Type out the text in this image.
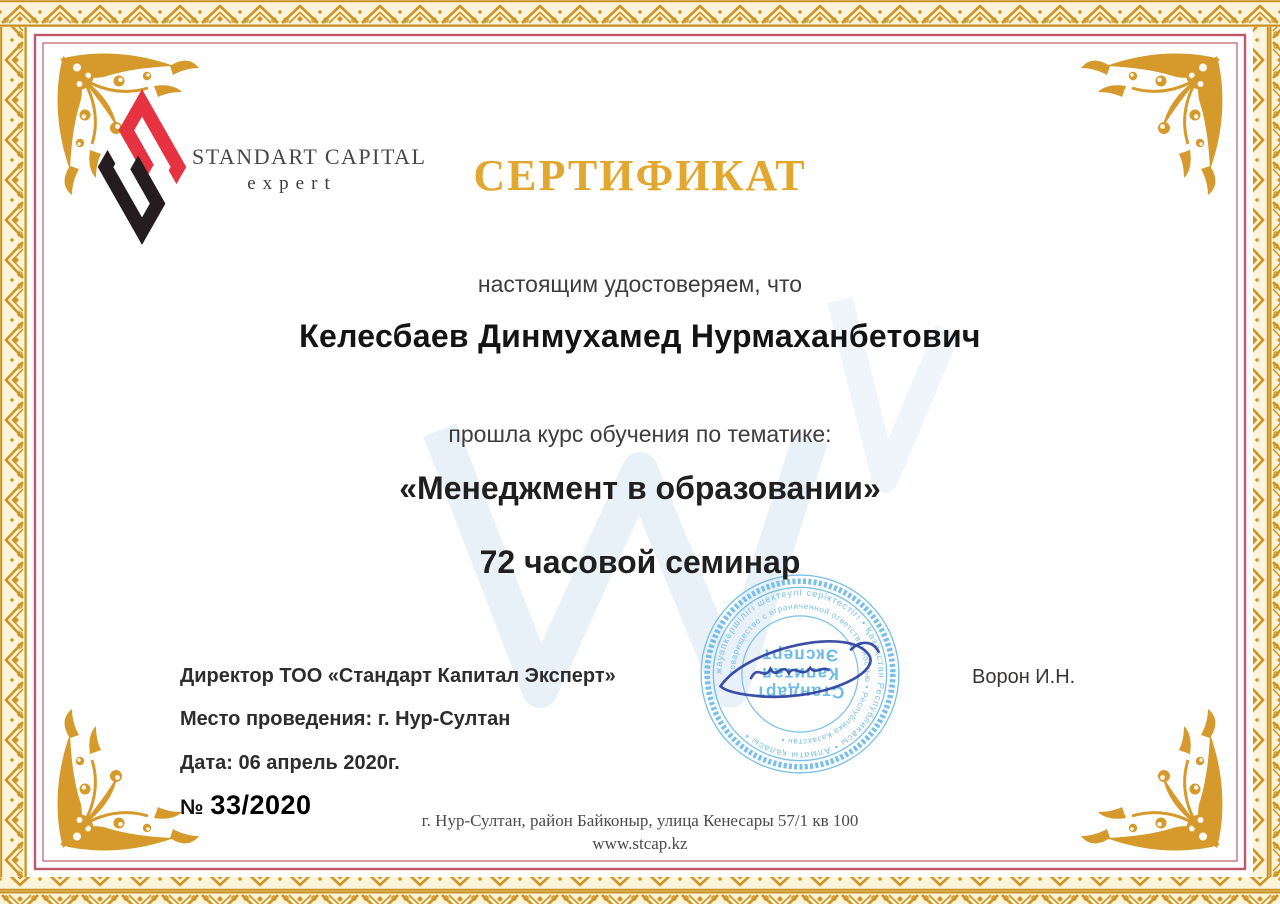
STANDART CAPITAL
expert	СЕРТИФИКАТ
настоящим удостоверяем, что
Келесбаев Динмухамед Нурмаханбетович
прошла курс обучения по тематике:
«Менеджмент в образовании»
72 часовой семинар
Директор ТОО «Стандарт Капитал Эксперт»
Место проведения: г. Нур-Султан
Дата: 06 апрель 2020г.
№ 33/2020
Ворон И.Н.
жауапкершілігі шектеулі серіктестігі • Қазақстан Республикасы • Алматы қаласы •
товарищество с ограниченной ответственностью • Республика Казахстан •
Стандарт
Капитал
Эксперт
г. Нур-Султан, район Байконыр, улица Кенесары 57/1 кв 100
www.stcap.kz
